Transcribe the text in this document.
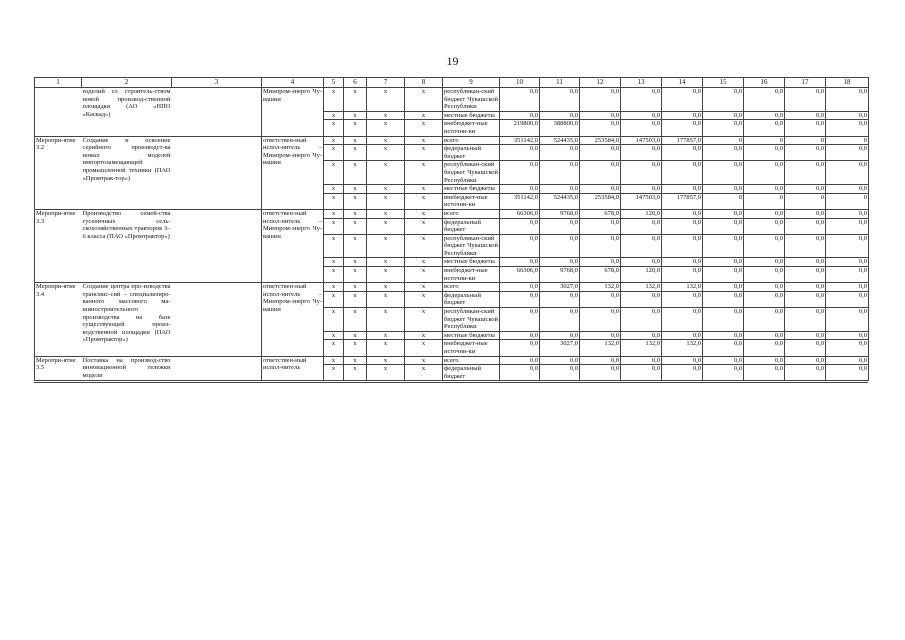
19
1	2	3	4	5	6	7	8	9	10	11	12	13	14	15	16	17	18
	изделий со строитель-ством новой производ-ственной площадки (АО «НПО «Каскад»)		Минпром-энерго Чу-вашии	x	x	x	x	республикан-ский бюджет Чувашской Республики	0,0	0,0	0,0	0,0	0,0	0,0	0,0	0,0	0,0
				x	x	x	x	местные бюджеты	0,0	0,0	0,0	0,0	0,0	0,0	0,0	0,0	0,0
				x	x	x	x	внебюджет-ные источни-ки	219800,0	388800,0	0,0	0,0	0,0	0,0	0,0	0,0	0,0
Меропри-ятие 3.2	Создание и освоение серийного производст-ва новых моделей импортозамещающей промышленной техники (ПАО «Промтрак-тор»)		ответствен-ный испол-нитель – Минпром-энерго Чу-вашии	x	x	x	x	всего	351142,0	524435,0	253584,0	147503,0	177857,0	0	0	0	0
				x	x	x	x	федеральный бюджет	0,0	0,0	0,0	0,0	0,0	0,0	0,0	0,0	0,0
				x	x	x	x	республикан-ский бюджет Чувашской Республики	0,0	0,0	0,0	0,0	0,0	0,0	0,0	0,0	0,0
				x	x	x	x	местные бюджеты	0,0	0,0	0,0	0,0	0,0	0,0	0,0	0,0	0,0
				x	x	x	x	внебюджет-ные источни-ки	351142,0	524435,0	253584,0	147503,0	177857,0	0	0	0	0
Меропри-ятие 3.3	Производство семей-ства гусеничных сель-скохозяйственных тракторов 3–6 класса (ПАО «Промтрактор»)		ответствен-ный испол-нитель – Минпром-энерго Чу-вашии	x	x	x	x	всего	66306,0	9768,0	678,0	120,0	0,0	0,0	0,0	0,0	0,0
				x	x	x	x	федеральный бюджет	0,0	0,0	0,0	0,0	0,0	0,0	0,0	0,0	0,0
				x	x	x	x	республикан-ский бюджет Чувашской Республики	0,0	0,0	0,0	0,0	0,0	0,0	0,0	0,0	0,0
				x	x	x	x	местные бюджеты	0,0	0,0	0,0	0,0	0,0	0,0	0,0	0,0	0,0
				x	x	x	x	внебюджет-ные источни-ки	66306,0	9768,0	678,0	120,0	0,0	0,0	0,0	0,0	0,0
Меропри-ятие 3.4	Создание центра про-изводства трансмис-сий – специализиро-ванного массового ма-шиностроительного производства на базе существующей произ-водственной площадки (ПАО «Промтрактор»)		ответствен-ный испол-нитель – Минпром-энерго Чу-вашии	x	x	x	x	всего	0,0	3027,0	132,0	132,0	132,0	0,0	0,0	0,0	0,0
				x	x	x	x	федеральный бюджет	0,0	0,0	0,0	0,0	0,0	0,0	0,0	0,0	0,0
				x	x	x	x	республикан-ский бюджет Чувашской Республики	0,0	0,0	0,0	0,0	0,0	0,0	0,0	0,0	0,0
				x	x	x	x	местные бюджеты	0,0	0,0	0,0	0,0	0,0	0,0	0,0	0,0	0,0
				x	x	x	x	внебюджет-ные источни-ки	0,0	3027,0	132,0	132,0	132,0	0,0	0,0	0,0	0,0
Меропри-ятие 3.5	Поставка на производ-ство инновационной тележки модели		ответствен-ный испол-нитель	x	x	x	x	всего	0,0	0,0	0,0	0,0	0,0	0,0	0,0	0,0	0,0
				x	x	x	x	федеральный бюджет	0,0	0,0	0,0	0,0	0,0	0,0	0,0	0,0	0,0
